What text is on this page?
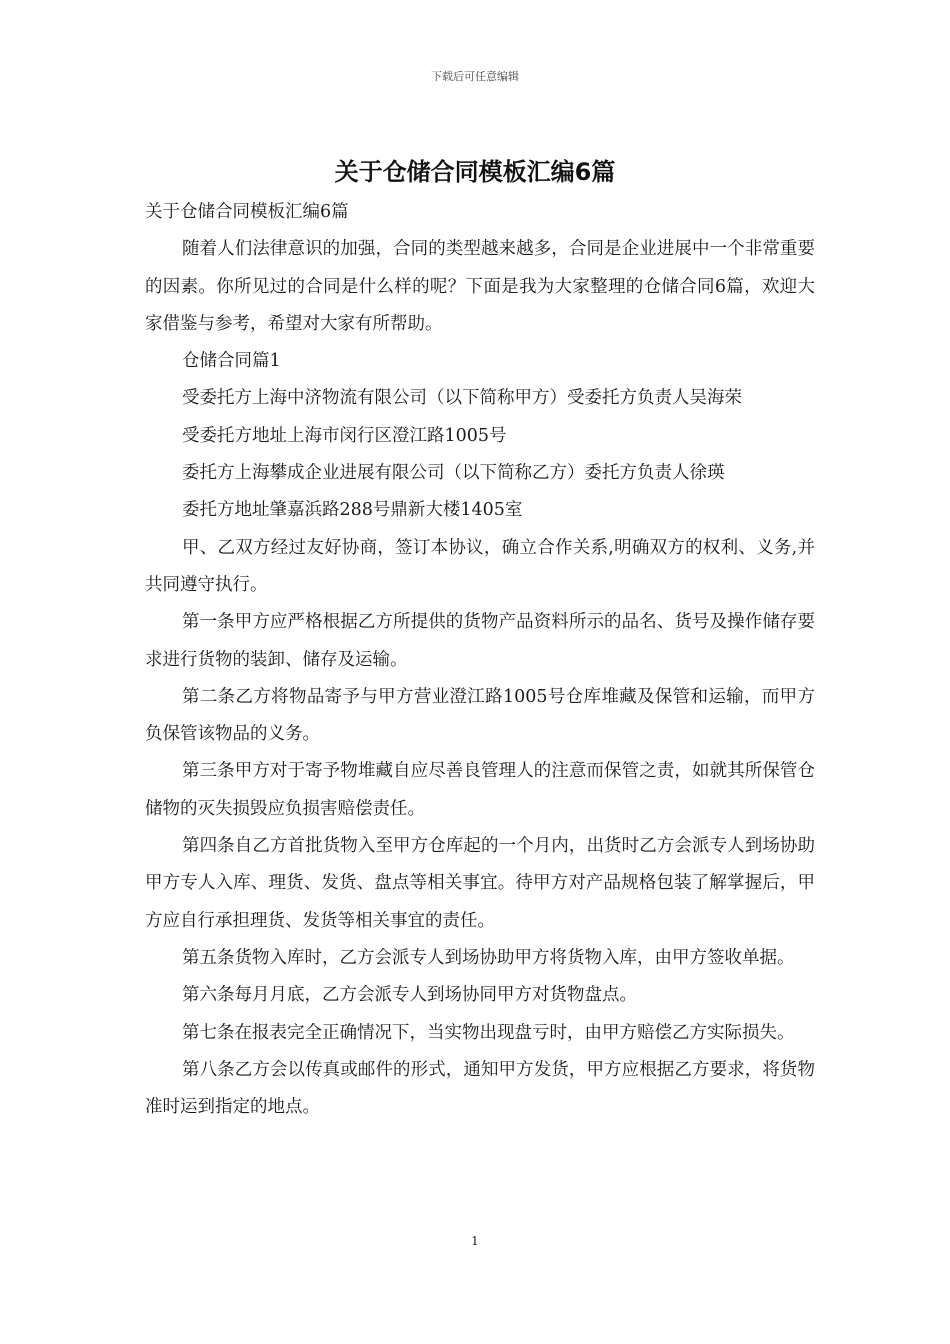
下载后可任意编辑
关于仓储合同模板汇编6篇

关于仓储合同模板汇编6篇

随着人们法律意识的加强，合同的类型越来越多，合同是企业进展中一个非常重要的因素。你所见过的合同是什么样的呢？下面是我为大家整理的仓储合同6篇，欢迎大家借鉴与参考，希望对大家有所帮助。

仓储合同篇1

受委托方上海中济物流有限公司（以下简称甲方）受委托方负责人吴海荣

受委托方地址上海市闵行区澄江路1005号

委托方上海攀成企业进展有限公司（以下简称乙方）委托方负责人徐瑛

委托方地址肇嘉浜路288号鼎新大楼1405室

甲、乙双方经过友好协商，签订本协议，确立合作关系,明确双方的权利、义务,并共同遵守执行。

第一条甲方应严格根据乙方所提供的货物产品资料所示的品名、货号及操作储存要求进行货物的装卸、储存及运输。

第二条乙方将物品寄予与甲方营业澄江路1005号仓库堆藏及保管和运输，而甲方负保管该物品的义务。

第三条甲方对于寄予物堆藏自应尽善良管理人的注意而保管之责，如就其所保管仓储物的灭失损毁应负损害赔偿责任。

第四条自乙方首批货物入至甲方仓库起的一个月内，出货时乙方会派专人到场协助甲方专人入库、理货、发货、盘点等相关事宜。待甲方对产品规格包装了解掌握后，甲方应自行承担理货、发货等相关事宜的责任。

第五条货物入库时，乙方会派专人到场协助甲方将货物入库，由甲方签收单据。

第六条每月月底，乙方会派专人到场协同甲方对货物盘点。

第七条在报表完全正确情况下，当实物出现盘亏时，由甲方赔偿乙方实际损失。

第八条乙方会以传真或邮件的形式，通知甲方发货，甲方应根据乙方要求，将货物准时运到指定的地点。

1
